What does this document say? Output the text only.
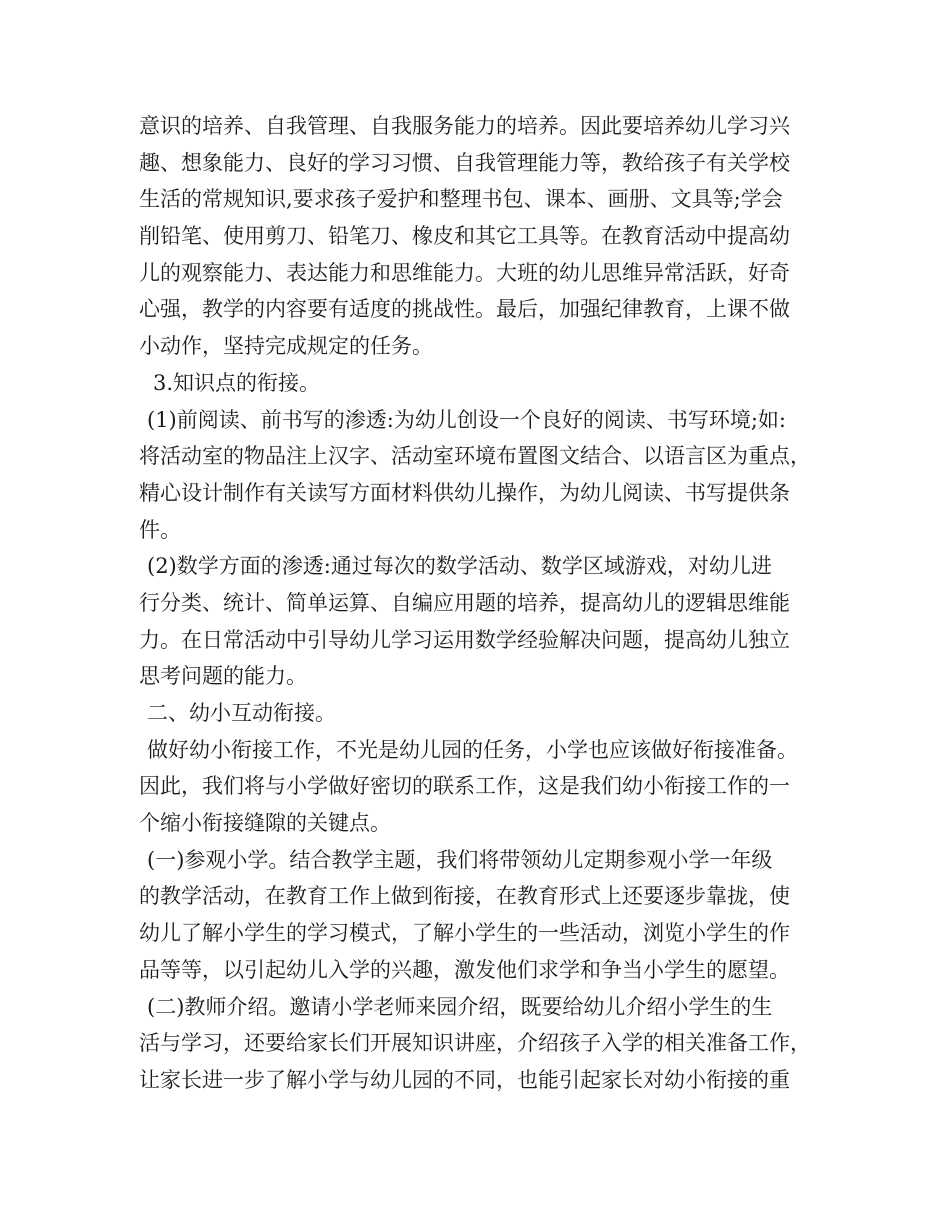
意识的培养、自我管理、自我服务能力的培养。因此要培养幼儿学习兴
趣、想象能力、良好的学习习惯、自我管理能力等，教给孩子有关学校
生活的常规知识,要求孩子爱护和整理书包、课本、画册、文具等;学会
削铅笔、使用剪刀、铅笔刀、橡皮和其它工具等。在教育活动中提高幼
儿的观察能力、表达能力和思维能力。大班的幼儿思维异常活跃，好奇
心强，教学的内容要有适度的挑战性。最后，加强纪律教育，上课不做
小动作，坚持完成规定的任务。
3.知识点的衔接。
(1)前阅读、前书写的渗透:为幼儿创设一个良好的阅读、书写环境;如:
将活动室的物品注上汉字、活动室环境布置图文结合、以语言区为重点，
精心设计制作有关读写方面材料供幼儿操作，为幼儿阅读、书写提供条
件。
(2)数学方面的渗透:通过每次的数学活动、数学区域游戏，对幼儿进
行分类、统计、简单运算、自编应用题的培养，提高幼儿的逻辑思维能
力。在日常活动中引导幼儿学习运用数学经验解决问题，提高幼儿独立
思考问题的能力。
二、幼小互动衔接。
做好幼小衔接工作，不光是幼儿园的任务，小学也应该做好衔接准备。
因此，我们将与小学做好密切的联系工作，这是我们幼小衔接工作的一
个缩小衔接缝隙的关键点。
(一)参观小学。结合教学主题，我们将带领幼儿定期参观小学一年级
的教学活动，在教育工作上做到衔接，在教育形式上还要逐步靠拢，使
幼儿了解小学生的学习模式，了解小学生的一些活动，浏览小学生的作
品等等，以引起幼儿入学的兴趣，激发他们求学和争当小学生的愿望。
(二)教师介绍。邀请小学老师来园介绍，既要给幼儿介绍小学生的生
活与学习，还要给家长们开展知识讲座，介绍孩子入学的相关准备工作，
让家长进一步了解小学与幼儿园的不同，也能引起家长对幼小衔接的重
